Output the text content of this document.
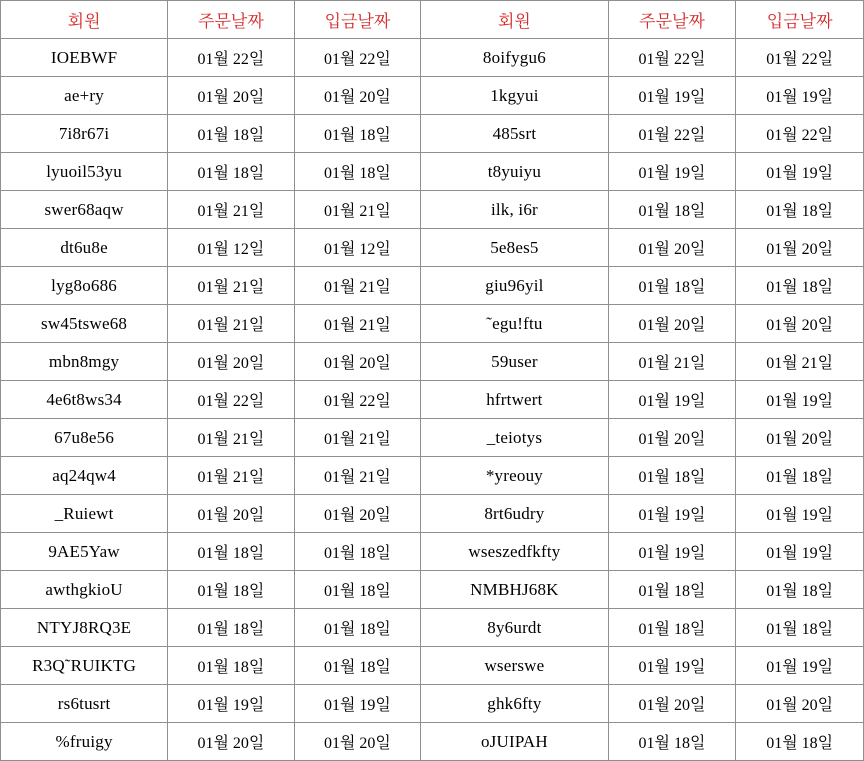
회원	주문날짜	입금날짜	회원	주문날짜	입금날짜
IOEBWF	01월 22일	01월 22일	8oifygu6	01월 22일	01월 22일
ae+ry	01월 20일	01월 20일	1kgyui	01월 19일	01월 19일
7i8r67i	01월 18일	01월 18일	485srt	01월 22일	01월 22일
lyuoil53yu	01월 18일	01월 18일	t8yuiyu	01월 19일	01월 19일
swer68aqw	01월 21일	01월 21일	ilk, i6r	01월 18일	01월 18일
dt6u8e	01월 12일	01월 12일	5e8es5	01월 20일	01월 20일
lyg8o686	01월 21일	01월 21일	giu96yil	01월 18일	01월 18일
sw45tswe68	01월 21일	01월 21일	˜egu!ftu	01월 20일	01월 20일
mbn8mgy	01월 20일	01월 20일	59user	01월 21일	01월 21일
4e6t8ws34	01월 22일	01월 22일	hfrtwert	01월 19일	01월 19일
67u8e56	01월 21일	01월 21일	_teiotys	01월 20일	01월 20일
aq24qw4	01월 21일	01월 21일	*yreouy	01월 18일	01월 18일
_Ruiewt	01월 20일	01월 20일	8rt6udry	01월 19일	01월 19일
9AE5Yaw	01월 18일	01월 18일	wseszedfkfty	01월 19일	01월 19일
awthgkioU	01월 18일	01월 18일	NMBHJ68K	01월 18일	01월 18일
NTYJ8RQ3E	01월 18일	01월 18일	8y6urdt	01월 18일	01월 18일
R3Q˜RUIKTG	01월 18일	01월 18일	wserswe	01월 19일	01월 19일
rs6tusrt	01월 19일	01월 19일	ghk6fty	01월 20일	01월 20일
%fruigy	01월 20일	01월 20일	oJUIPAH	01월 18일	01월 18일
